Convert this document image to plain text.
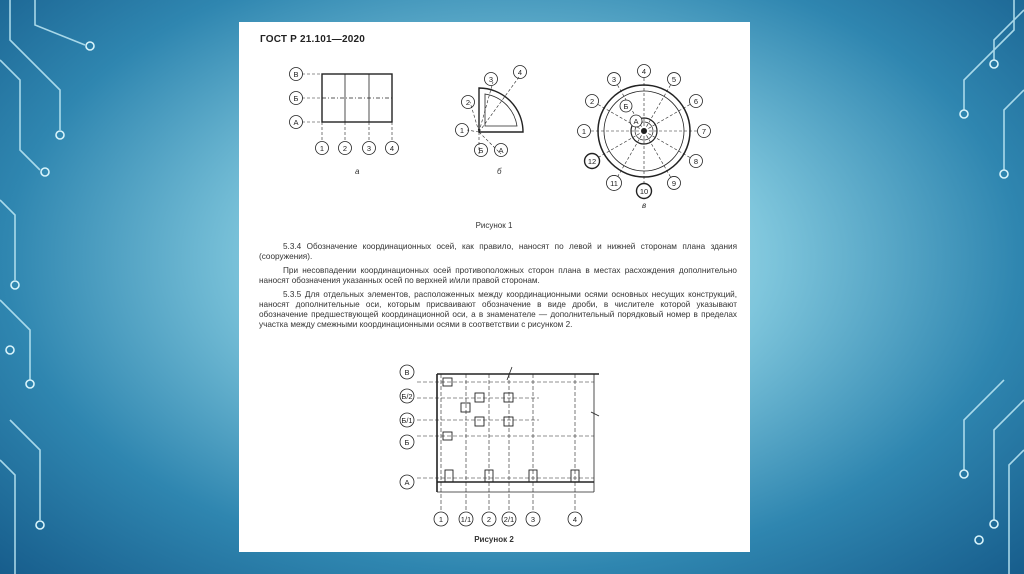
ГОСТ Р 21.101—2020
В
Б
А
1	2	3	4
1
2
3
4
Б А
1
2
3
4
5
6
7
8
9
10
11
12
Б
А
В
Б/2
Б/1
Б
А
1 1/1 2 2/1 3	4
а	б
в
Рисунок 1
5.3.4 Обозначение координационных осей, как правило, наносят по левой и нижней сторонам плана здания (сооружения).
При несовпадении координационных осей противоположных сторон плана в местах расхождения дополнительно наносят обозначения указанных осей по верхней и/или правой сторонам.
5.3.5 Для отдельных элементов, расположенных между координационными осями основных несущих конструкций, наносят дополнительные оси, которым присваивают обозначение в виде дроби, в числителе которой указывают обозначение предшествующей координационной оси, а в знаменателе — дополнительный порядковый номер в пределах участка между смежными координационными осями в соответствии с рисунком 2.
Рисунок 2
